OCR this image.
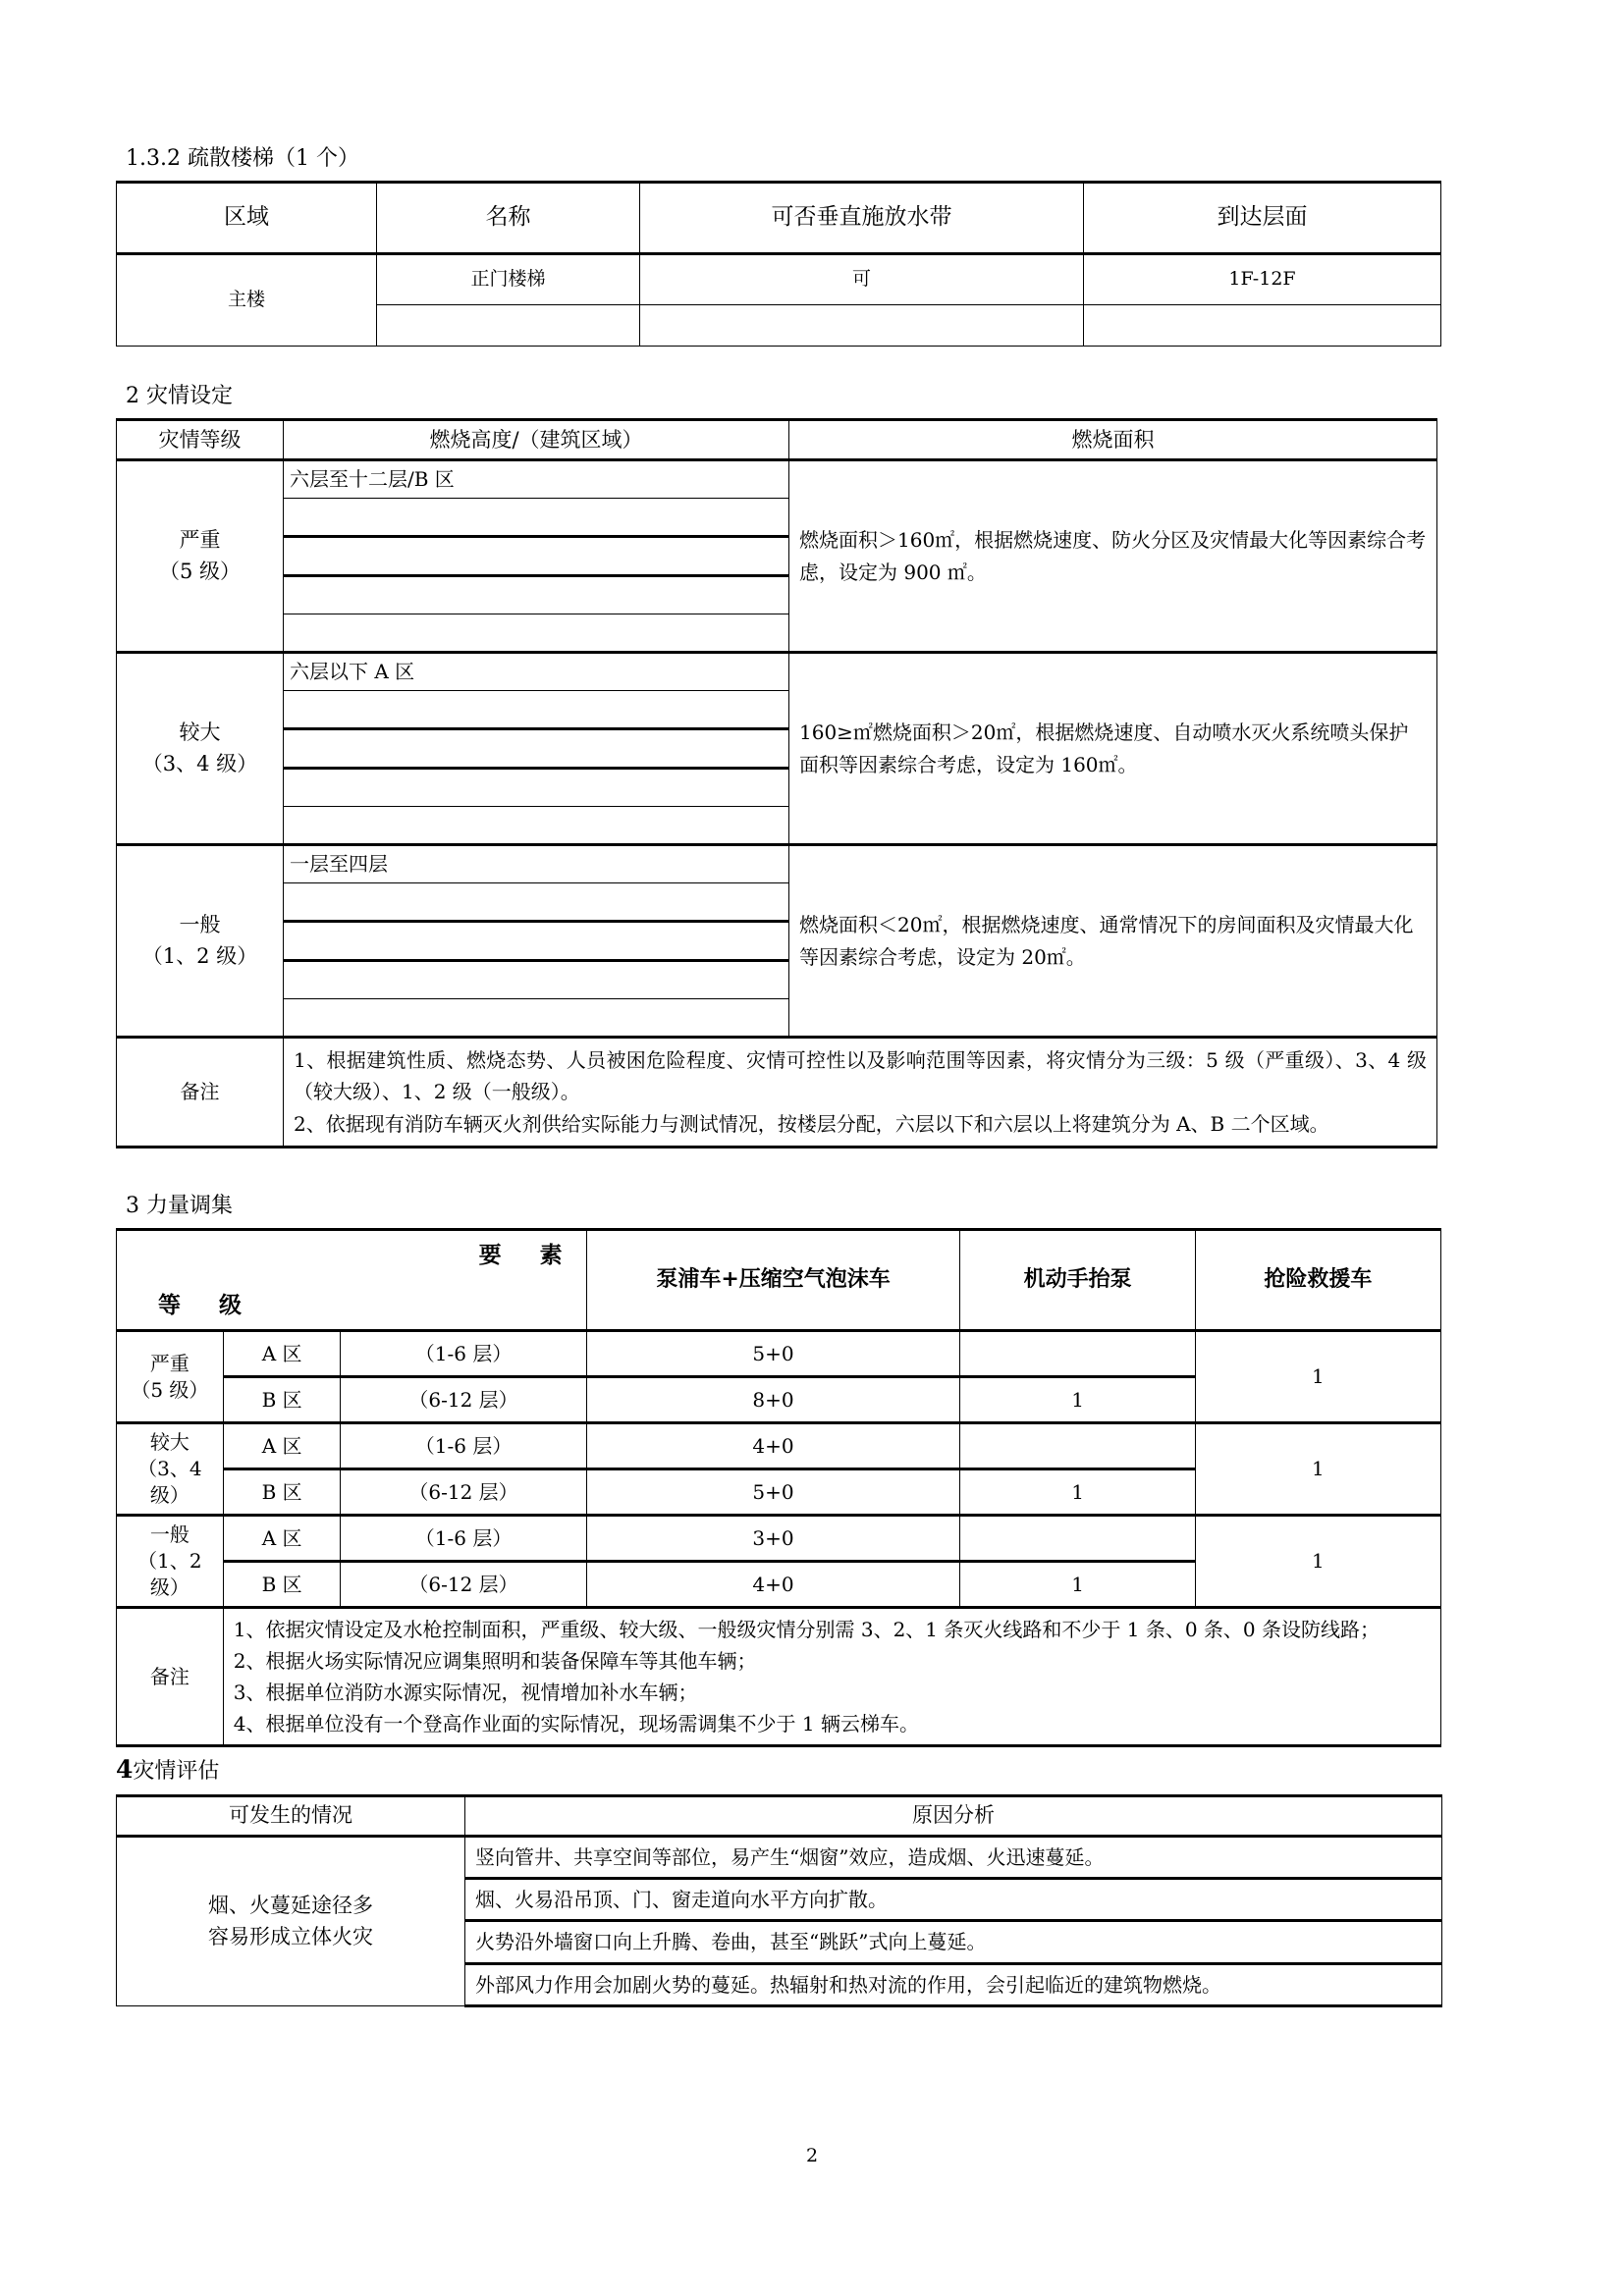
1.3.2 疏散楼梯（1 个）
区域	名称	可否垂直施放水带	到达层面
主楼	正门楼梯	可	1F-12F

2 灾情设定
灾情等级	燃烧高度/（建筑区域）	燃烧面积

严重
（5 级）	六层至十二层/B 区	燃烧面积＞160㎡，根据燃烧速度、防火分区及灾情最大化等因素综合考虑，设定为 900 ㎡。

较大
（3、4 级）	六层以下 A 区	160≥㎡燃烧面积＞20㎡，根据燃烧速度、自动喷水灭火系统喷头保护面积等因素综合考虑，设定为 160㎡。

一般
（1、2 级）	一层至四层	燃烧面积＜20㎡，根据燃烧速度、通常情况下的房间面积及灾情最大化等因素综合考虑，设定为 20㎡。

备注	1、根据建筑性质、燃烧态势、人员被困危险程度、灾情可控性以及影响范围等因素，将灾情分为三级：5 级（严重级）、3、4 级（较大级）、1、2 级（一般级）。
2、依据现有消防车辆灭火剂供给实际能力与测试情况，按楼层分配，六层以下和六层以上将建筑分为 A、B 二个区域。	
3 力量调集
要　素
等　级			泵浦车+压缩空气泡沫车	机动手抬泵	抢险救援车

严重
（5 级）	A 区	（1-6 层）	5+0		1
	B 区	（6-12 层）	8+0	1	

较大
（3、4 级）	A 区	（1-6 层）	4+0		1
	B 区	（6-12 层）	5+0	1	

一般
（1、2 级）	A 区	（1-6 层）	3+0		1
	B 区	（6-12 层）	4+0	1	
备注	1、依据灾情设定及水枪控制面积，严重级、较大级、一般级灾情分别需 3、2、1 条灭火线路和不少于 1 条、0 条、0 条设防线路；
2、根据火场实际情况应调集照明和装备保障车等其他车辆；
3、根据单位消防水源实际情况，视情增加补水车辆；
4、根据单位没有一个登高作业面的实际情况，现场需调集不少于 1 辆云梯车。				
4灾情评估
可发生的情况	原因分析

烟、火蔓延途径多
容易形成立体火灾	竖向管井、共享空间等部位，易产生“烟窗”效应，造成烟、火迅速蔓延。
	烟、火易沿吊顶、门、窗走道向水平方向扩散。
	火势沿外墙窗口向上升腾、卷曲，甚至“跳跃”式向上蔓延。
	外部风力作用会加剧火势的蔓延。热辐射和热对流的作用，会引起临近的建筑物燃烧。
2
